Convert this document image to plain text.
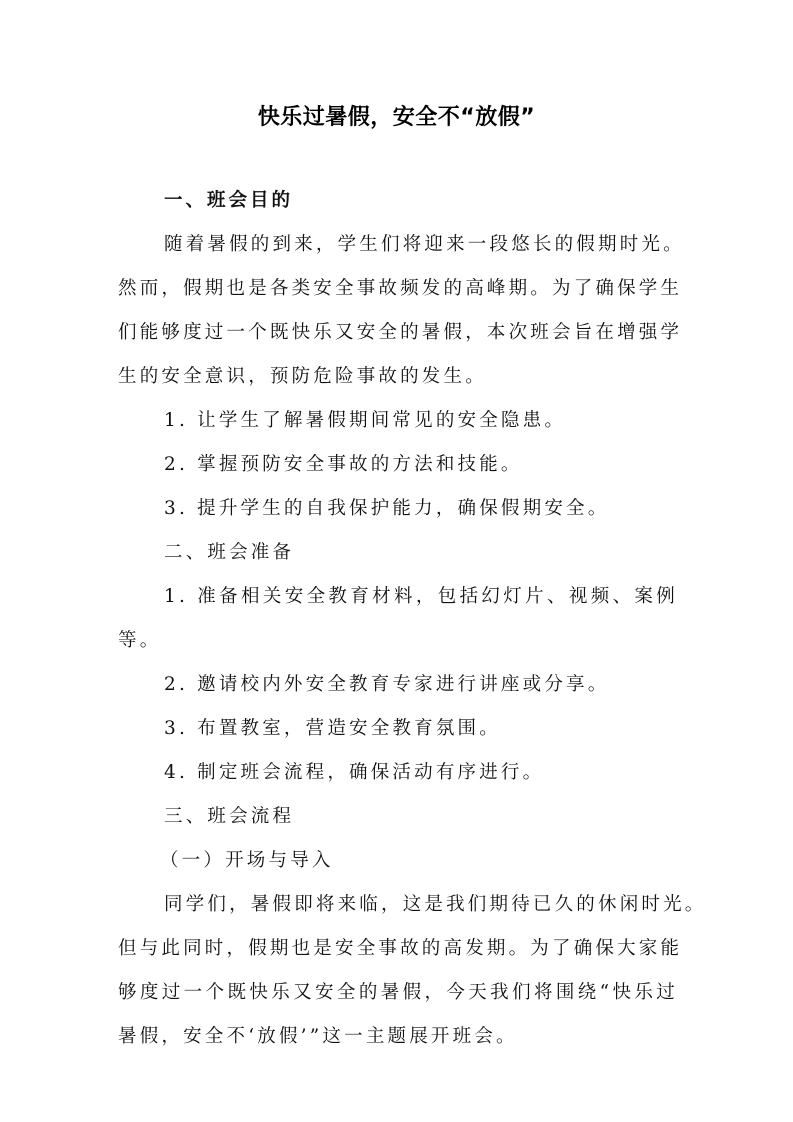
快乐过暑假，安全不“放假”
一、班会目的
随着暑假的到来，学生们将迎来一段悠长的假期时光。
然而，假期也是各类安全事故频发的高峰期。为了确保学生
们能够度过一个既快乐又安全的暑假，本次班会旨在增强学
生的安全意识，预防危险事故的发生。
1. 让学生了解暑假期间常见的安全隐患。
2. 掌握预防安全事故的方法和技能。
3. 提升学生的自我保护能力，确保假期安全。
二、班会准备
1. 准备相关安全教育材料，包括幻灯片、视频、案例
等。
2. 邀请校内外安全教育专家进行讲座或分享。
3. 布置教室，营造安全教育氛围。
4. 制定班会流程，确保活动有序进行。
三、班会流程
（一）开场与导入
同学们，暑假即将来临，这是我们期待已久的休闲时光。
但与此同时，假期也是安全事故的高发期。为了确保大家能
够度过一个既快乐又安全的暑假，今天我们将围绕“快乐过
暑假，安全不‘放假’”这一主题展开班会。
